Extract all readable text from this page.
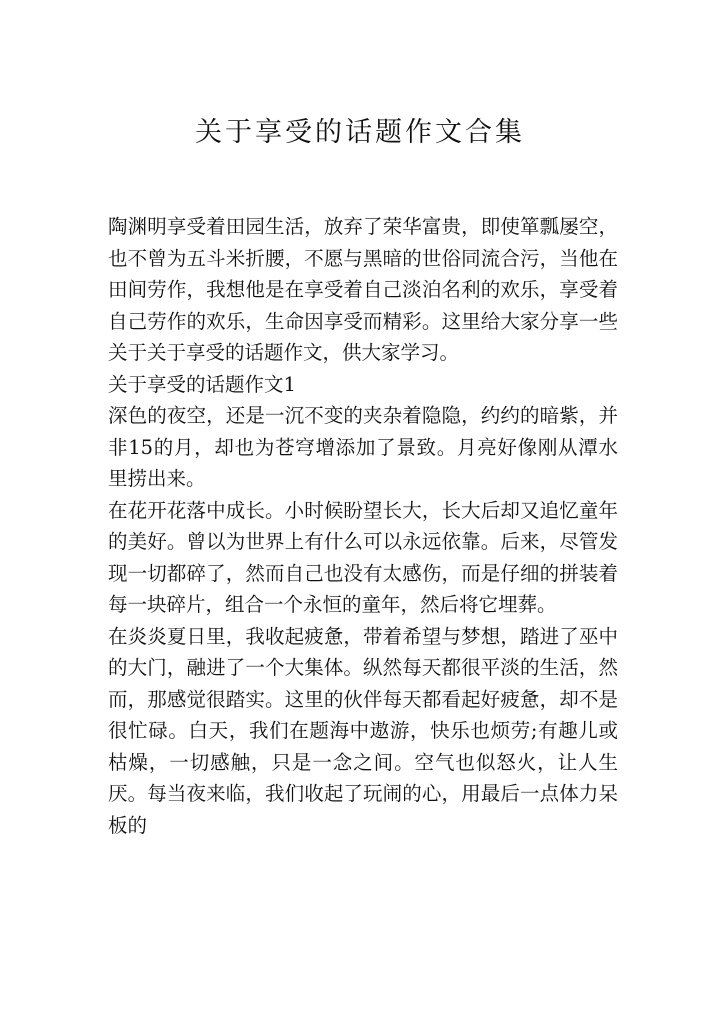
关于享受的话题作文合集

陶渊明享受着田园生活，放弃了荣华富贵，即使箪瓢屡空，也不曾为五斗米折腰，不愿与黑暗的世俗同流合污，当他在田间劳作，我想他是在享受着自己淡泊名利的欢乐，享受着自己劳作的欢乐，生命因享受而精彩。这里给大家分享一些关于关于享受的话题作文，供大家学习。

关于享受的话题作文1

深色的夜空，还是一沉不变的夹杂着隐隐，约约的暗紫，并非15的月，却也为苍穹增添加了景致。月亮好像刚从潭水里捞出来。

在花开花落中成长。小时候盼望长大，长大后却又追忆童年的美好。曾以为世界上有什么可以永远依靠。后来，尽管发现一切都碎了，然而自己也没有太感伤，而是仔细的拼装着每一块碎片，组合一个永恒的童年，然后将它埋葬。

在炎炎夏日里，我收起疲惫，带着希望与梦想，踏进了巫中的大门，融进了一个大集体。纵然每天都很平淡的生活，然而，那感觉很踏实。这里的伙伴每天都看起好疲惫，却不是很忙碌。白天，我们在题海中遨游，快乐也烦劳;有趣儿或枯燥，一切感触，只是一念之间。空气也似怒火，让人生厌。每当夜来临，我们收起了玩闹的心，用最后一点体力呆板的
